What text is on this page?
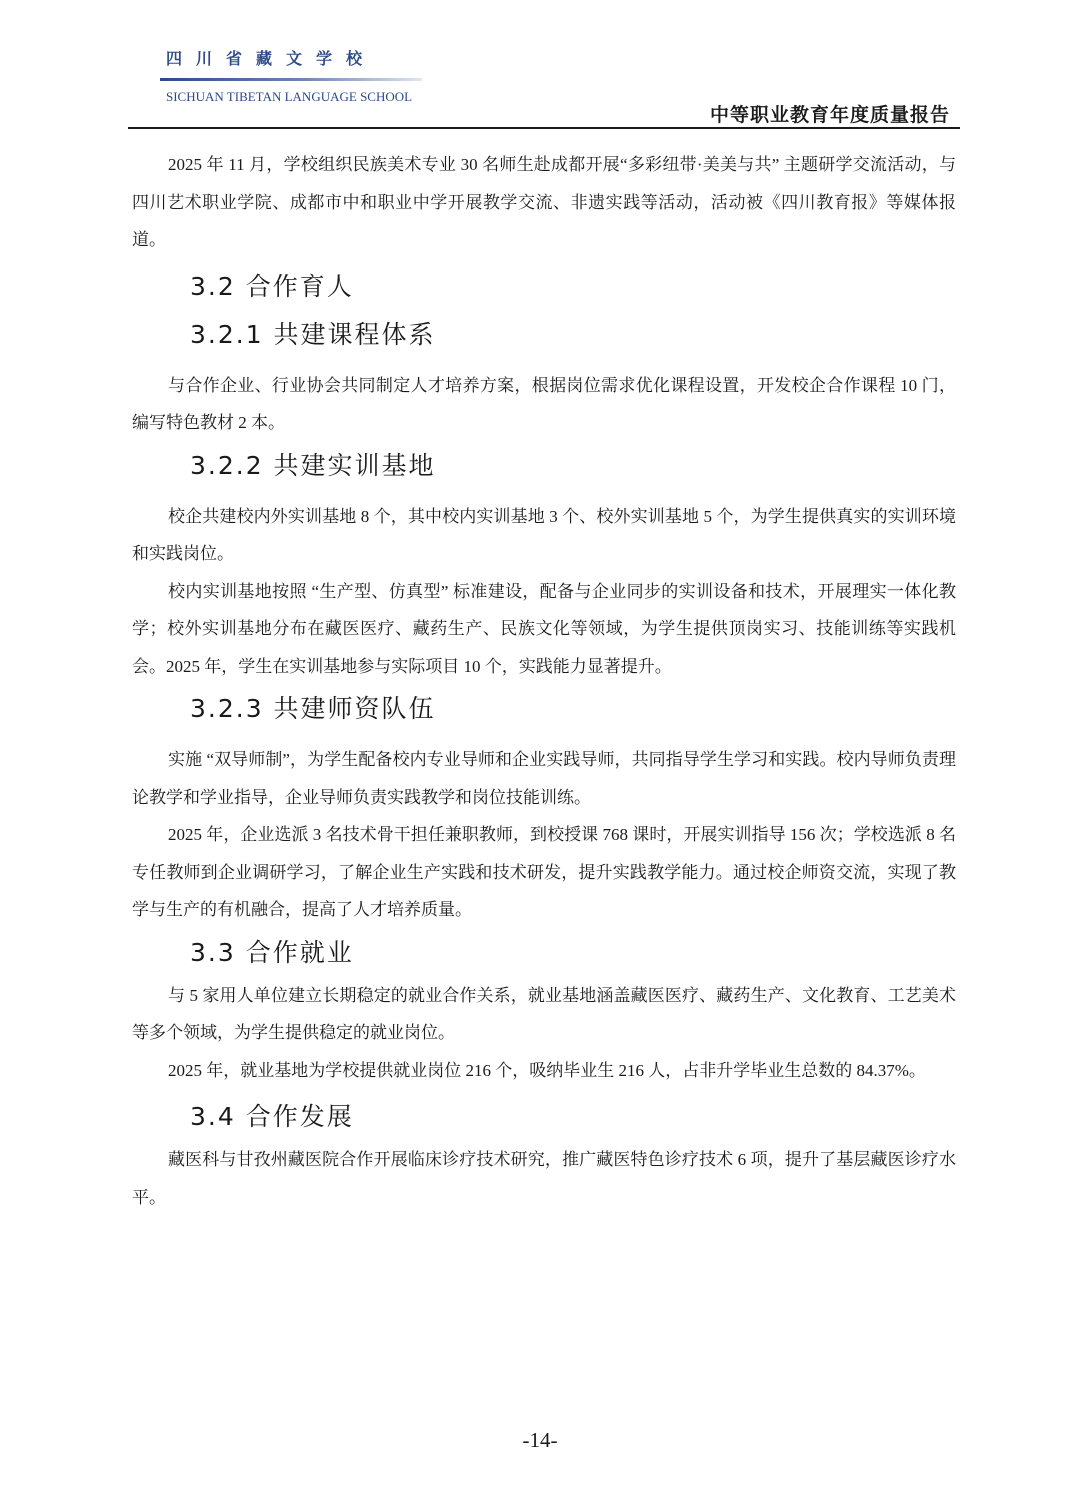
四川省藏文学校
SICHUAN TIBETAN LANGUAGE SCHOOL
中等职业教育年度质量报告

2025 年 11 月，学校组织民族美术专业 30 名师生赴成都开展“多彩纽带·美美与共” 主题研学交流活动，与四川艺术职业学院、成都市中和职业中学开展教学交流、非遗实践等活动，活动被《四川教育报》等媒体报道。

3.2 合作育人
3.2.1 共建课程体系

与合作企业、行业协会共同制定人才培养方案，根据岗位需求优化课程设置，开发校企合作课程 10 门，编写特色教材 2 本。

3.2.2 共建实训基地

校企共建校内外实训基地 8 个，其中校内实训基地 3 个、校外实训基地 5 个，为学生提供真实的实训环境和实践岗位。

校内实训基地按照 “生产型、仿真型” 标准建设，配备与企业同步的实训设备和技术，开展理实一体化教学；校外实训基地分布在藏医医疗、藏药生产、民族文化等领域，为学生提供顶岗实习、技能训练等实践机会。2025 年，学生在实训基地参与实际项目 10 个，实践能力显著提升。

3.2.3 共建师资队伍

实施 “双导师制”，为学生配备校内专业导师和企业实践导师，共同指导学生学习和实践。校内导师负责理论教学和学业指导，企业导师负责实践教学和岗位技能训练。

2025 年，企业选派 3 名技术骨干担任兼职教师，到校授课 768 课时，开展实训指导 156 次；学校选派 8 名专任教师到企业调研学习，了解企业生产实践和技术研发，提升实践教学能力。通过校企师资交流，实现了教学与生产的有机融合，提高了人才培养质量。

3.3 合作就业

与 5 家用人单位建立长期稳定的就业合作关系，就业基地涵盖藏医医疗、藏药生产、文化教育、工艺美术等多个领域，为学生提供稳定的就业岗位。

2025 年，就业基地为学校提供就业岗位 216 个，吸纳毕业生 216 人，占非升学毕业生总数的 84.37%。

3.4 合作发展

藏医科与甘孜州藏医院合作开展临床诊疗技术研究，推广藏医特色诊疗技术 6 项，提升了基层藏医诊疗水平。

-14-
